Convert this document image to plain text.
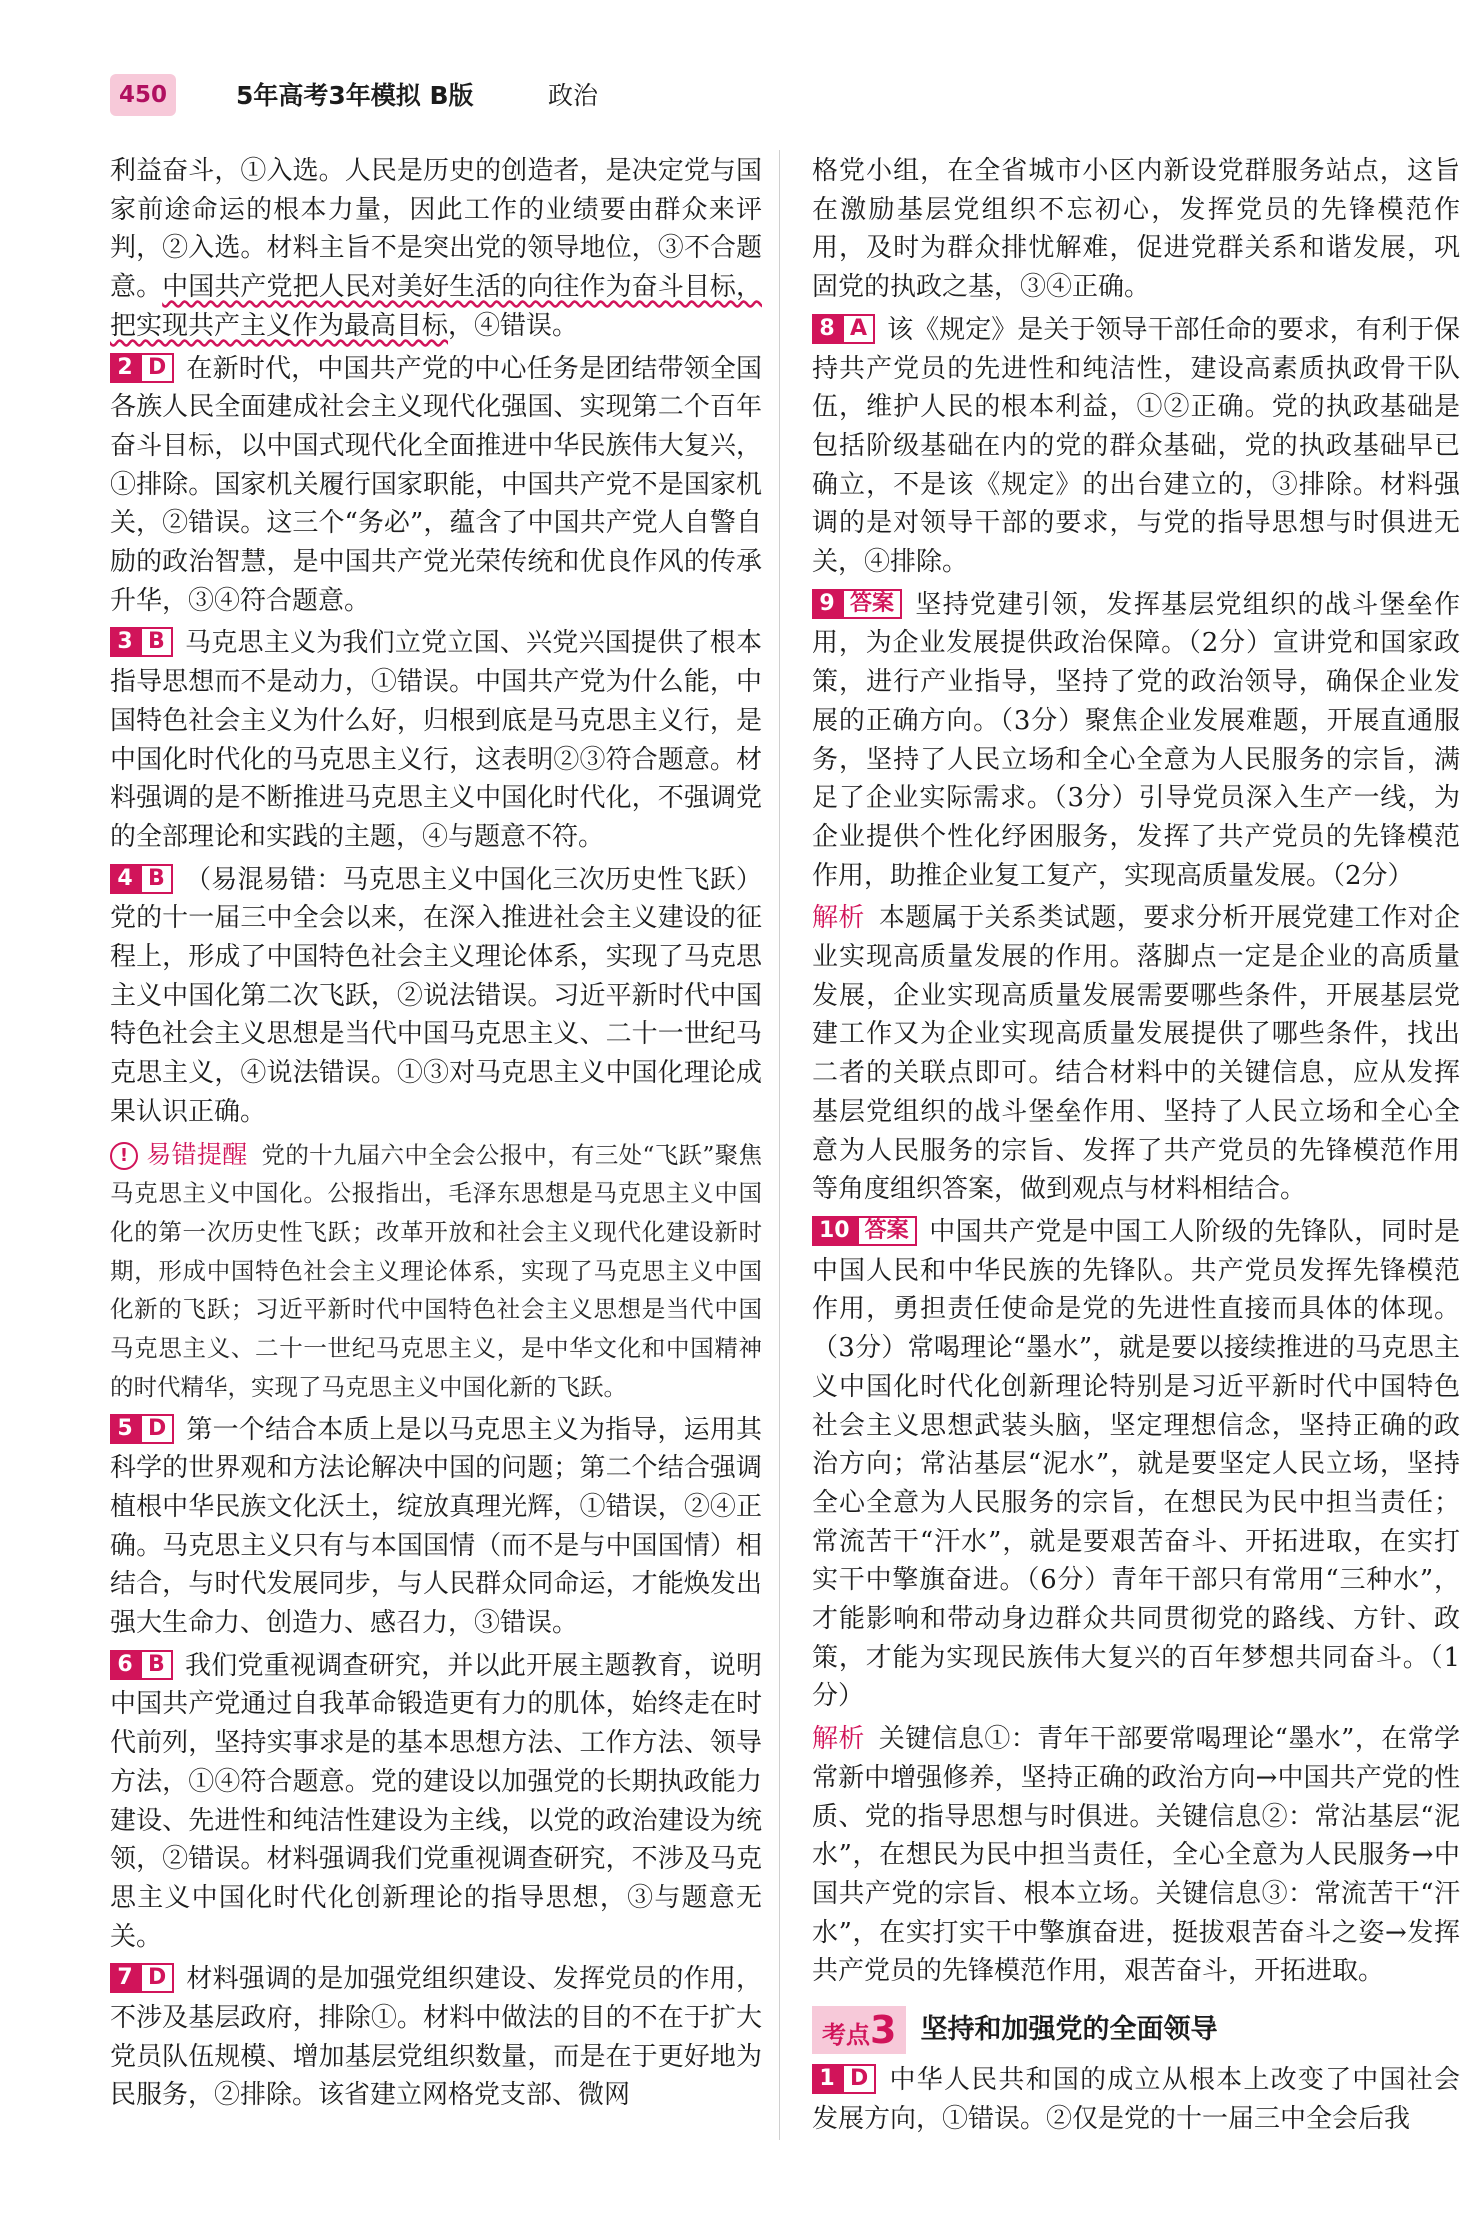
450	5年高考3年模拟 B版	政治
利益奋斗，①入选。人民是历史的创造者，是决定党与国家前途命运的根本力量，因此工作的业绩要由群众来评判，②入选。材料主旨不是突出党的领导地位，③不合题意。中国共产党把人民对美好生活的向往作为奋斗目标，把实现共产主义作为最高目标，④错误。
2 D 在新时代，中国共产党的中心任务是团结带领全国各族人民全面建成社会主义现代化强国、实现第二个百年奋斗目标，以中国式现代化全面推进中华民族伟大复兴，①排除。国家机关履行国家职能，中国共产党不是国家机关，②错误。这三个“务必”，蕴含了中国共产党人自警自励的政治智慧，是中国共产党光荣传统和优良作风的传承升华，③④符合题意。
3 B 马克思主义为我们立党立国、兴党兴国提供了根本指导思想而不是动力，①错误。中国共产党为什么能，中国特色社会主义为什么好，归根到底是马克思主义行，是中国化时代化的马克思主义行，这表明②③符合题意。材料强调的是不断推进马克思主义中国化时代化，不强调党的全部理论和实践的主题，④与题意不符。
4 B （易混易错：马克思主义中国化三次历史性飞跃）党的十一届三中全会以来，在深入推进社会主义建设的征程上，形成了中国特色社会主义理论体系，实现了马克思主义中国化第二次飞跃，②说法错误。习近平新时代中国特色社会主义思想是当代中国马克思主义、二十一世纪马克思主义，④说法错误。①③对马克思主义中国化理论成果认识正确。
! 易错提醒 党的十九届六中全会公报中，有三处“飞跃”聚焦马克思主义中国化。公报指出，毛泽东思想是马克思主义中国化的第一次历史性飞跃；改革开放和社会主义现代化建设新时期，形成中国特色社会主义理论体系，实现了马克思主义中国化新的飞跃；习近平新时代中国特色社会主义思想是当代中国马克思主义、二十一世纪马克思主义，是中华文化和中国精神的时代精华，实现了马克思主义中国化新的飞跃。
5 D 第一个结合本质上是以马克思主义为指导，运用其科学的世界观和方法论解决中国的问题；第二个结合强调植根中华民族文化沃土，绽放真理光辉，①错误，②④正确。马克思主义只有与本国国情（而不是与中国国情）相结合，与时代发展同步，与人民群众同命运，才能焕发出强大生命力、创造力、感召力，③错误。
6 B 我们党重视调查研究，并以此开展主题教育，说明中国共产党通过自我革命锻造更有力的肌体，始终走在时代前列，坚持实事求是的基本思想方法、工作方法、领导方法，①④符合题意。党的建设以加强党的长期执政能力建设、先进性和纯洁性建设为主线，以党的政治建设为统领，②错误。材料强调我们党重视调查研究，不涉及马克思主义中国化时代化创新理论的指导思想，③与题意无关。
7 D 材料强调的是加强党组织建设、发挥党员的作用，不涉及基层政府，排除①。材料中做法的目的不在于扩大党员队伍规模、增加基层党组织数量，而是在于更好地为民服务，②排除。该省建立网格党支部、微网
格党小组，在全省城市小区内新设党群服务站点，这旨在激励基层党组织不忘初心，发挥党员的先锋模范作用，及时为群众排忧解难，促进党群关系和谐发展，巩固党的执政之基，③④正确。
8 A 该《规定》是关于领导干部任命的要求，有利于保持共产党员的先进性和纯洁性，建设高素质执政骨干队伍，维护人民的根本利益，①②正确。党的执政基础是包括阶级基础在内的党的群众基础，党的执政基础早已确立，不是该《规定》的出台建立的，③排除。材料强调的是对领导干部的要求，与党的指导思想与时俱进无关，④排除。
9 答案 坚持党建引领，发挥基层党组织的战斗堡垒作用，为企业发展提供政治保障。（2分）宣讲党和国家政策，进行产业指导，坚持了党的政治领导，确保企业发展的正确方向。（3分）聚焦企业发展难题，开展直通服务，坚持了人民立场和全心全意为人民服务的宗旨，满足了企业实际需求。（3分）引导党员深入生产一线，为企业提供个性化纾困服务，发挥了共产党员的先锋模范作用，助推企业复工复产，实现高质量发展。（2分）
解析 本题属于关系类试题，要求分析开展党建工作对企业实现高质量发展的作用。落脚点一定是企业的高质量发展，企业实现高质量发展需要哪些条件，开展基层党建工作又为企业实现高质量发展提供了哪些条件，找出二者的关联点即可。结合材料中的关键信息，应从发挥基层党组织的战斗堡垒作用、坚持了人民立场和全心全意为人民服务的宗旨、发挥了共产党员的先锋模范作用等角度组织答案，做到观点与材料相结合。
10 答案 中国共产党是中国工人阶级的先锋队，同时是中国人民和中华民族的先锋队。共产党员发挥先锋模范作用，勇担责任使命是党的先进性直接而具体的体现。（3分）常喝理论“墨水”，就是要以接续推进的马克思主义中国化时代化创新理论特别是习近平新时代中国特色社会主义思想武装头脑，坚定理想信念，坚持正确的政治方向；常沾基层“泥水”，就是要坚定人民立场，坚持全心全意为人民服务的宗旨，在想民为民中担当责任；常流苦干“汗水”，就是要艰苦奋斗、开拓进取，在实打实干中擎旗奋进。（6分）青年干部只有常用“三种水”，才能影响和带动身边群众共同贯彻党的路线、方针、政策，才能为实现民族伟大复兴的百年梦想共同奋斗。（1分）
解析 关键信息①：青年干部要常喝理论“墨水”，在常学常新中增强修养，坚持正确的政治方向→中国共产党的性质、党的指导思想与时俱进。关键信息②：常沾基层“泥水”，在想民为民中担当责任，全心全意为人民服务→中国共产党的宗旨、根本立场。关键信息③：常流苦干“汗水”，在实打实干中擎旗奋进，挺拔艰苦奋斗之姿→发挥共产党员的先锋模范作用，艰苦奋斗，开拓进取。
考点3 坚持和加强党的全面领导
1 D 中华人民共和国的成立从根本上改变了中国社会发展方向，①错误。②仅是党的十一届三中全会后我
